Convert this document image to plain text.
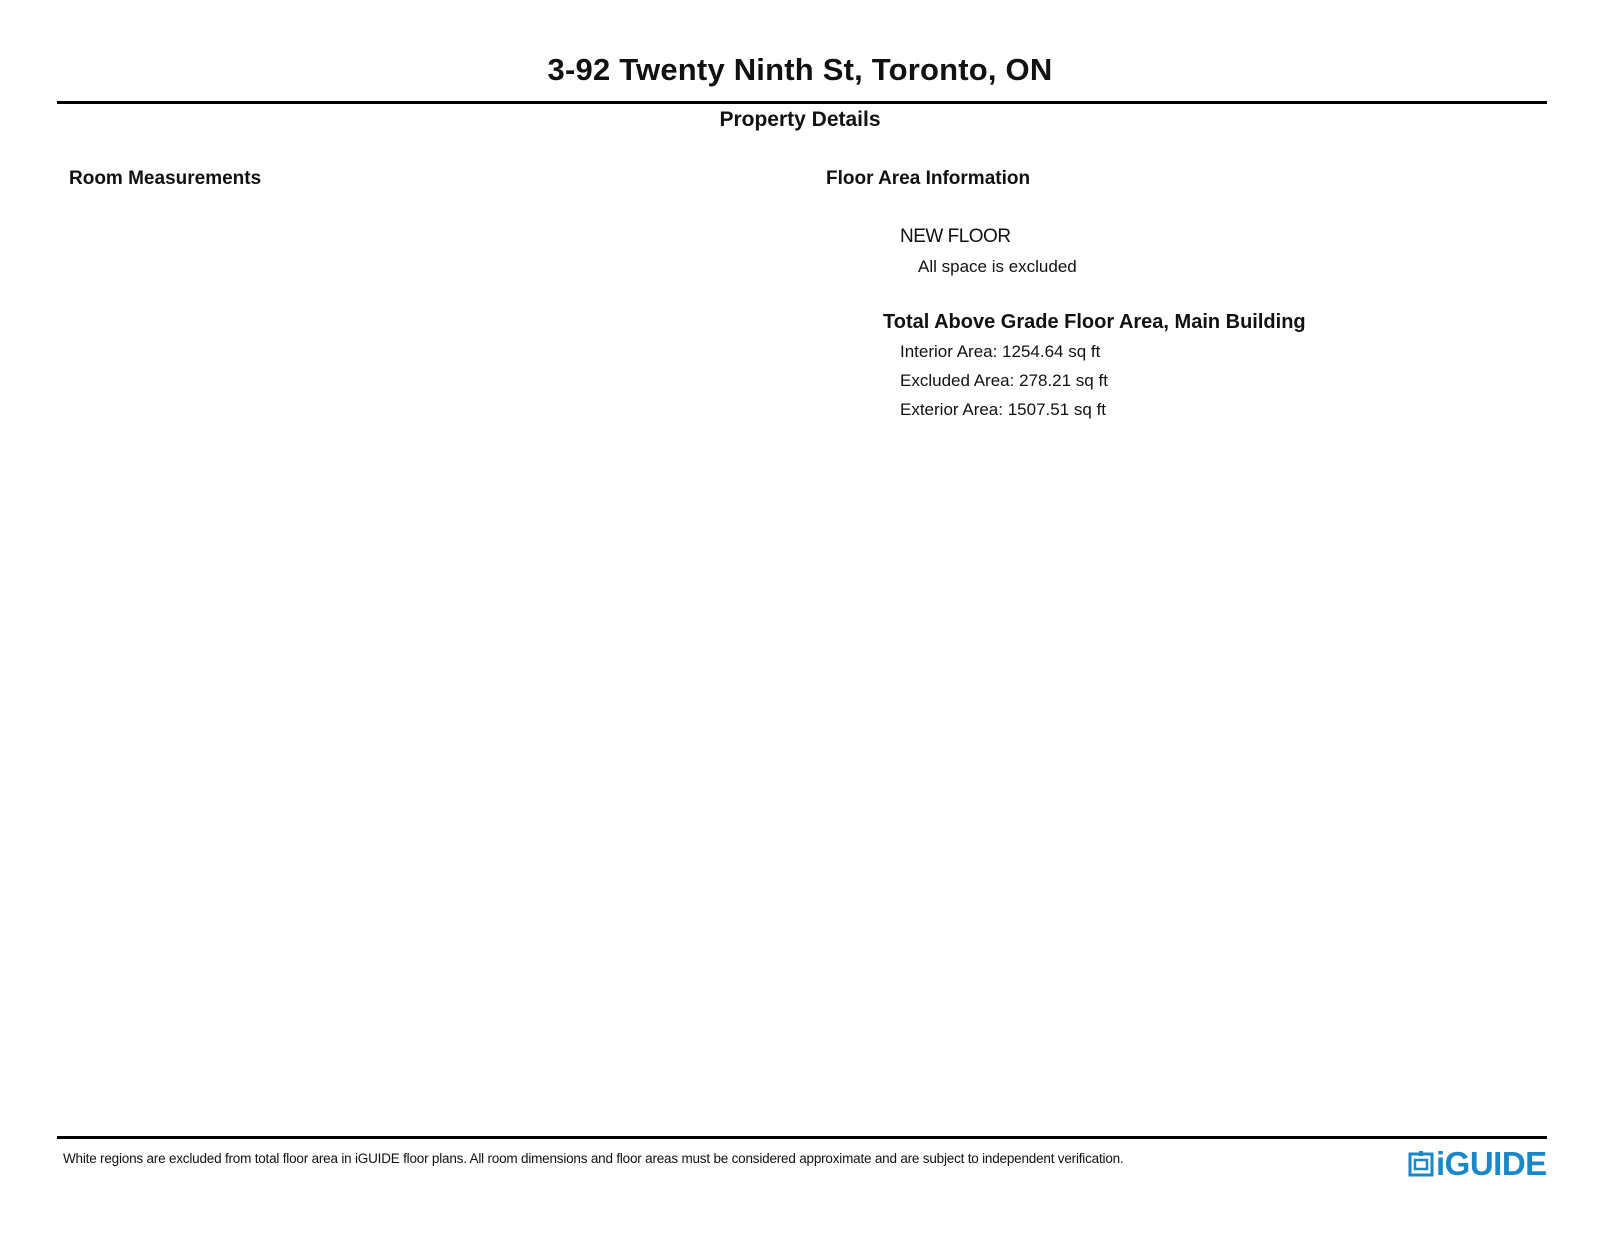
3-92 Twenty Ninth St, Toronto, ON
Property Details
Room Measurements	Floor Area Information
NEW FLOOR
All space is excluded
Total Above Grade Floor Area, Main Building
Interior Area: 1254.64 sq ft
Excluded Area: 278.21 sq ft
Exterior Area: 1507.51 sq ft
White regions are excluded from total floor area in iGUIDE floor plans. All room dimensions and floor areas must be considered approximate and are subject to independent verification.	iGUIDE
